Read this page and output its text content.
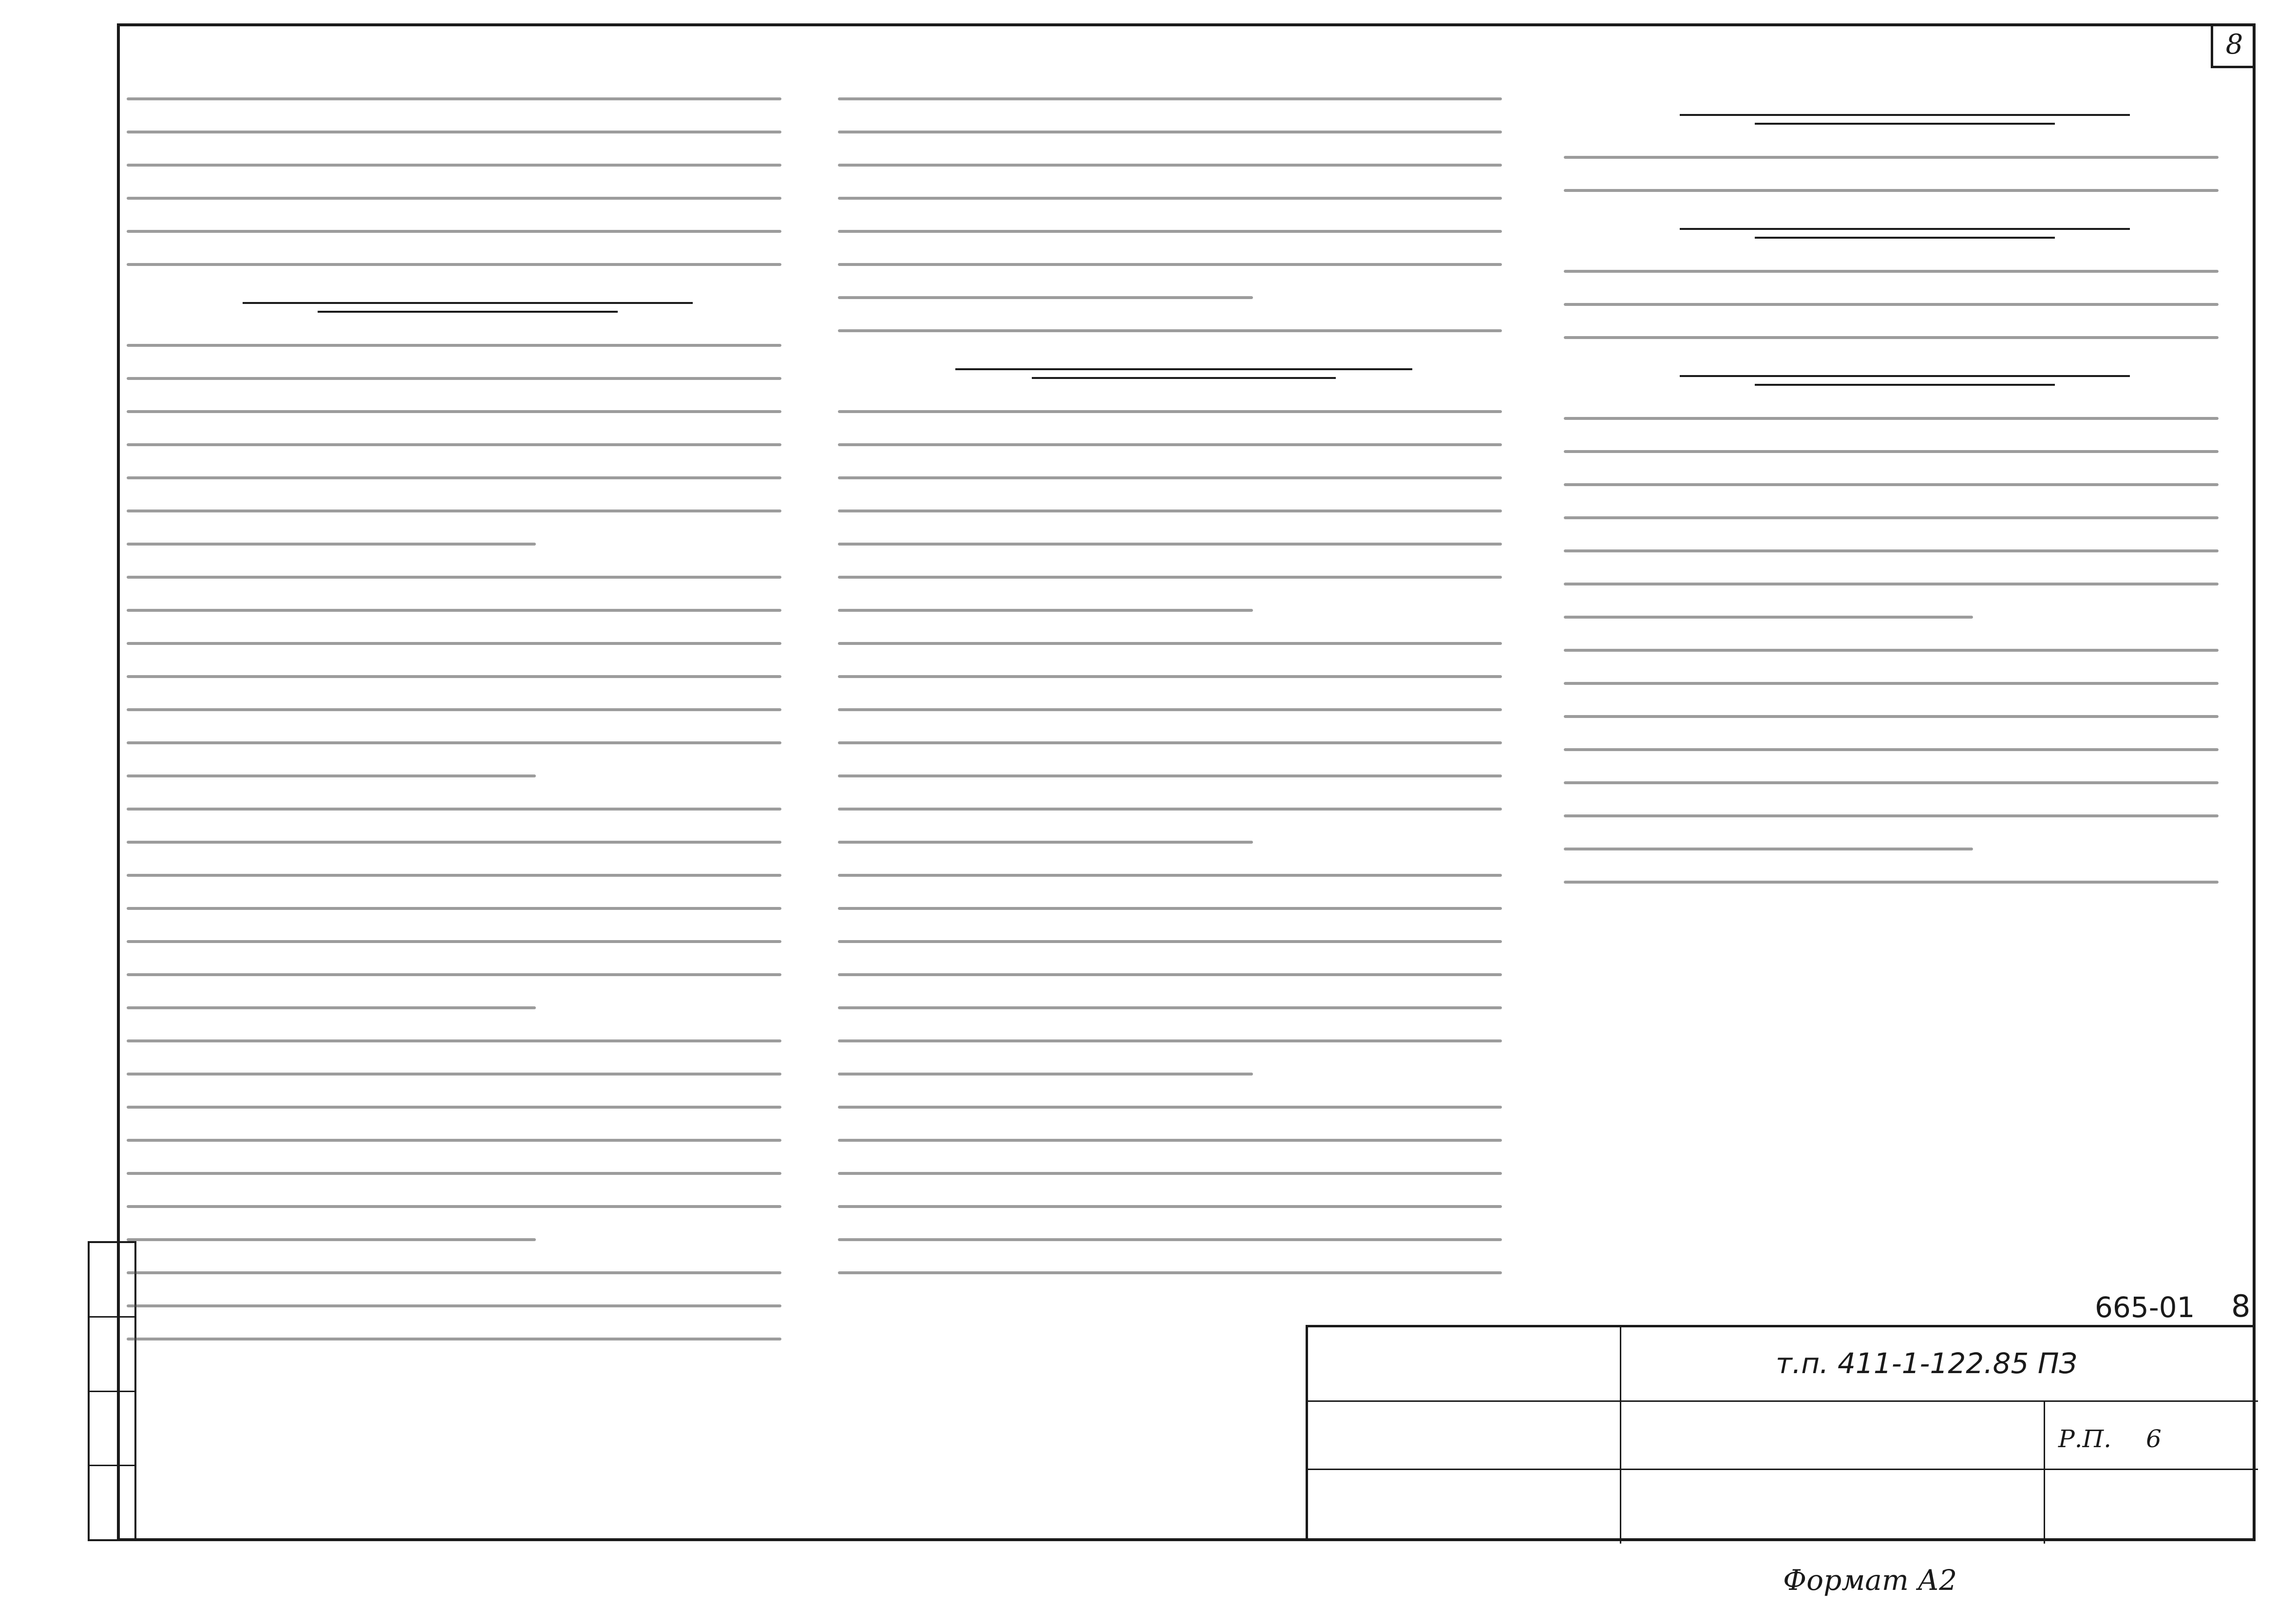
8
665-01 8
т.п. 411-1-122.85 ПЗ
Р.П. 6
Формат А2
